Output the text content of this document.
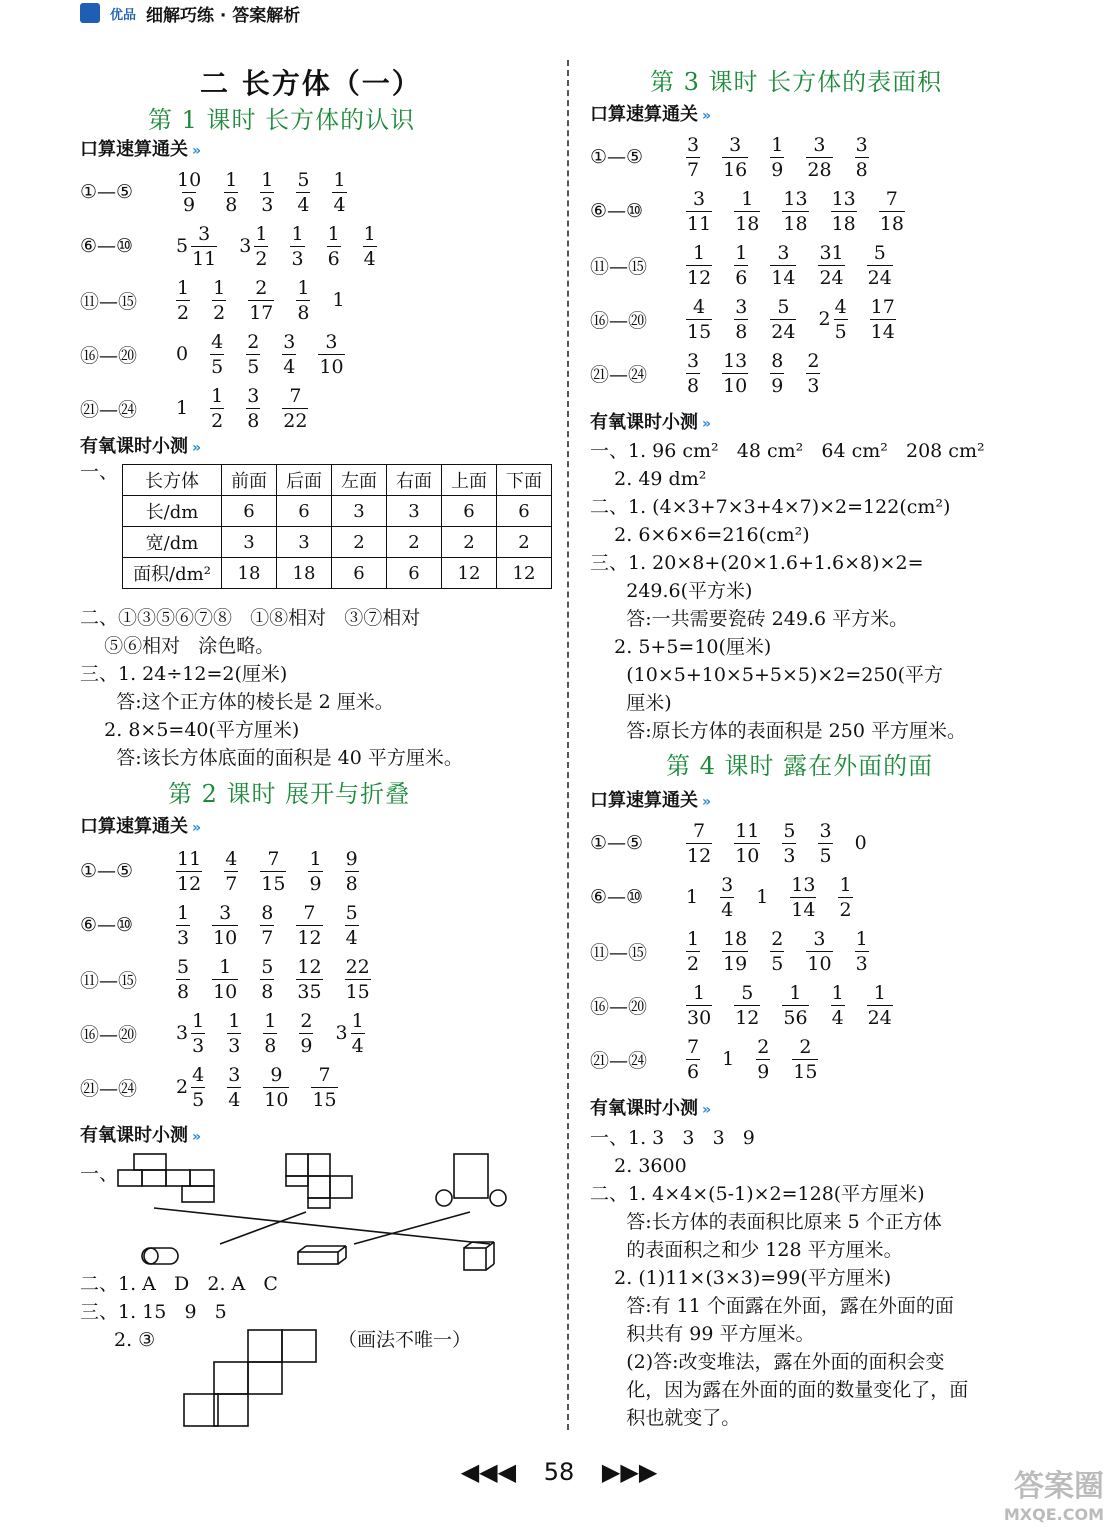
优品 细解巧练 · 答案解析
二 长方体（一）
第 1 课时 长方体的认识
口算速算通关 »
①—⑤	$\frac{10}{9} \frac{1}{8} \frac{1}{3} \frac{5}{4} \frac{1}{4}$
⑥—⑩	$5 \frac{3}{11} 3 \frac{1}{2} \frac{1}{3} \frac{1}{6} \frac{1}{4}$
⑪—⑮	$\frac{1}{2} \frac{1}{2} \frac{2}{17} \frac{1}{8} 1$
⑯—⑳	$0 \frac{4}{5} \frac{2}{5} \frac{3}{4} \frac{3}{10}$
㉑—㉔	$1 \frac{1}{2} \frac{3}{8} \frac{7}{22}$
有氧课时小测 »
一、 长方体	前面	后面	左面	右面	上面	下面
长/dm	6	6	3	3	6	6
宽/dm	3	3	2	2	2	2
面积/dm²	18	18	6	6	12	12
二、①③⑤⑥⑦⑧   ①⑧相对   ③⑦相对
⑤⑥相对   涂色略。
三、1. 24÷12=2(厘米)
答:这个正方体的棱长是 2 厘米。
2. 8×5=40(平方厘米)
答:该长方体底面的面积是 40 平方厘米。
第 2 课时 展开与折叠
口算速算通关 »
①—⑤	$\frac{11}{12} \frac{4}{7} \frac{7}{15} \frac{1}{9} \frac{9}{8}$
⑥—⑩	$\frac{1}{3} \frac{3}{10} \frac{8}{7} \frac{7}{12} \frac{5}{4}$
⑪—⑮	$\frac{5}{8} \frac{1}{10} \frac{5}{8} \frac{12}{35} \frac{22}{15}$
⑯—⑳	$3 \frac{1}{3} \frac{1}{3} \frac{1}{8} \frac{2}{9} 3 \frac{1}{4}$
㉑—㉔	$2 \frac{4}{5} \frac{3}{4} \frac{9}{10} \frac{7}{15}$
有氧课时小测 »
一、
二、1. A   D   2. A   C
三、1. 15   9   5
2. ③	（画法不唯一）
第 3 课时 长方体的表面积
口算速算通关 »
①—⑤	$\frac{3}{7} \frac{3}{16} \frac{1}{9} \frac{3}{28} \frac{3}{8}$
⑥—⑩	$\frac{3}{11} \frac{1}{18} \frac{13}{18} \frac{13}{18} \frac{7}{18}$
⑪—⑮	$\frac{1}{12} \frac{1}{6} \frac{3}{14} \frac{31}{24} \frac{5}{24}$
⑯—⑳	$\frac{4}{15} \frac{3}{8} \frac{5}{24} 2 \frac{4}{5} \frac{17}{14}$
㉑—㉔	$\frac{3}{8} \frac{13}{10} \frac{8}{9} \frac{2}{3}$
有氧课时小测 »
一、1. 96 cm²   48 cm²   64 cm²   208 cm²
2. 49 dm²
二、1. (4×3+7×3+4×7)×2=122(cm²)
2. 6×6×6=216(cm²)
三、1. 20×8+(20×1.6+1.6×8)×2=
249.6(平方米)
答:一共需要瓷砖 249.6 平方米。
2. 5+5=10(厘米)
(10×5+10×5+5×5)×2=250(平方
厘米)
答:原长方体的表面积是 250 平方厘米。
第 4 课时 露在外面的面
口算速算通关 »
①—⑤	$\frac{7}{12} \frac{11}{10} \frac{5}{3} \frac{3}{5} 0$
⑥—⑩	$1 \frac{3}{4} 1 \frac{13}{14} \frac{1}{2}$
⑪—⑮	$\frac{1}{2} \frac{18}{19} \frac{2}{5} \frac{3}{10} \frac{1}{3}$
⑯—⑳	$\frac{1}{30} \frac{5}{12} \frac{1}{56} \frac{1}{4} \frac{1}{24}$
㉑—㉔	$\frac{7}{6} 1 \frac{2}{9} \frac{2}{15}$
有氧课时小测 »
一、1. 3   3   3   9
2. 3600
二、1. 4×4×(5-1)×2=128(平方厘米)
答:长方体的表面积比原来 5 个正方体
的表面积之和少 128 平方厘米。
2. (1)11×(3×3)=99(平方厘米)
答:有 11 个面露在外面，露在外面的面
积共有 99 平方厘米。
(2)答:改变堆法，露在外面的面积会变
化，因为露在外面的面的数量变化了，面
积也就变了。
◀◀◀ 58 ▶▶▶	答案圈
MXQE.COM
